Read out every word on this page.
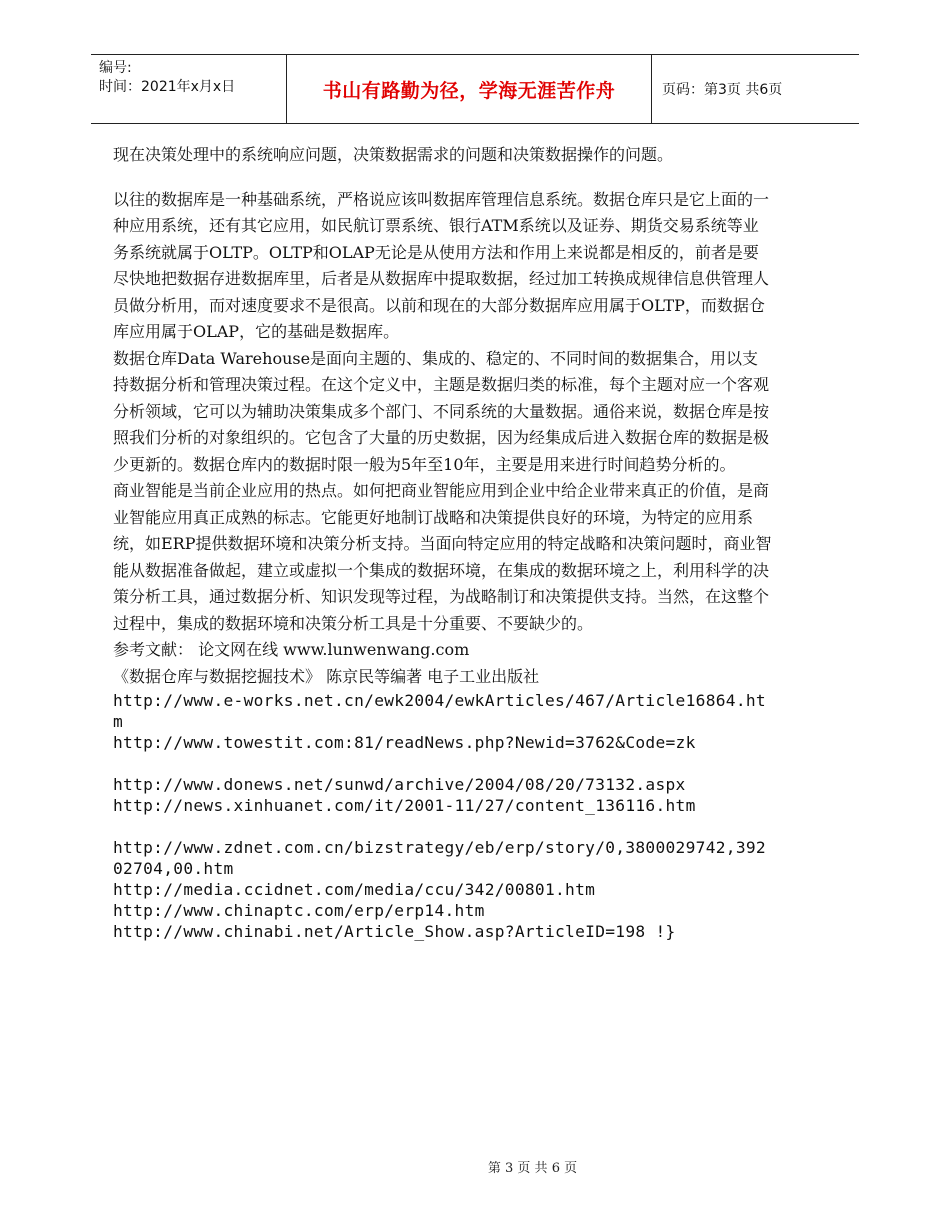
编号:
时间：2021年x月x日	书山有路勤为径，学海无涯苦作舟	页码：第3页 共6页

现在决策处理中的系统响应问题，决策数据需求的问题和决策数据操作的问题。

以往的数据库是一种基础系统，严格说应该叫数据库管理信息系统。数据仓库只是它上面的一种应用系统，还有其它应用，如民航订票系统、银行ATM系统以及证券、期货交易系统等业务系统就属于OLTP。OLTP和OLAP无论是从使用方法和作用上来说都是相反的，前者是要尽快地把数据存进数据库里，后者是从数据库中提取数据，经过加工转换成规律信息供管理人员做分析用，而对速度要求不是很高。以前和现在的大部分数据库应用属于OLTP，而数据仓库应用属于OLAP，它的基础是数据库。

数据仓库Data Warehouse是面向主题的、集成的、稳定的、不同时间的数据集合，用以支持数据分析和管理决策过程。在这个定义中，主题是数据归类的标准，每个主题对应一个客观分析领域，它可以为辅助决策集成多个部门、不同系统的大量数据。通俗来说，数据仓库是按照我们分析的对象组织的。它包含了大量的历史数据，因为经集成后进入数据仓库的数据是极少更新的。数据仓库内的数据时限一般为5年至10年，主要是用来进行时间趋势分析的。

商业智能是当前企业应用的热点。如何把商业智能应用到企业中给企业带来真正的价值，是商业智能应用真正成熟的标志。它能更好地制订战略和决策提供良好的环境，为特定的应用系统，如ERP提供数据环境和决策分析支持。当面向特定应用的特定战略和决策问题时，商业智能从数据准备做起，建立或虚拟一个集成的数据环境，在集成的数据环境之上，利用科学的决策分析工具，通过数据分析、知识发现等过程，为战略制订和决策提供支持。当然，在这整个过程中，集成的数据环境和决策分析工具是十分重要、不要缺少的。

参考文献： 论文网在线 www.lunwenwang.com
《数据仓库与数据挖掘技术》 陈京民等编著 电子工业出版社
http://www.e-works.net.cn/ewk2004/ewkArticles/467/Article16864.htm
http://www.towestit.com:81/readNews.php?Newid=3762&Code=zk
http://www.donews.net/sunwd/archive/2004/08/20/73132.aspx
http://news.xinhuanet.com/it/2001-11/27/content_136116.htm
http://www.zdnet.com.cn/bizstrategy/eb/erp/story/0,3800029742,39202704,00.htm
http://media.ccidnet.com/media/ccu/342/00801.htm
http://www.chinaptc.com/erp/erp14.htm
http://www.chinabi.net/Article_Show.asp?ArticleID=198 !}
第 3 页 共 6 页
